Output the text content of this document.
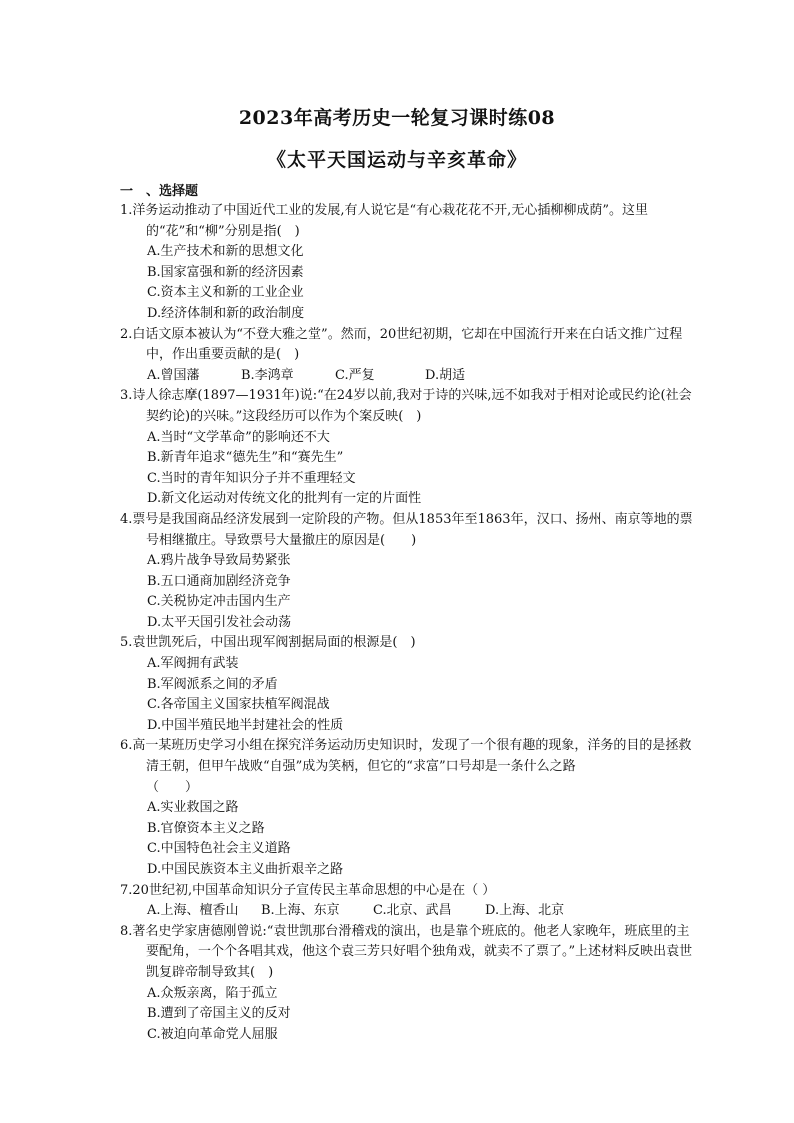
2023年高考历史一轮复习课时练08
《太平天国运动与辛亥革命》
一　、选择题
1.洋务运动推动了中国近代工业的发展,有人说它是“有心栽花花不开,无心插柳柳成荫”。这里的“花”和“柳”分别是指(　)
A.生产技术和新的思想文化
B.国家富强和新的经济因素
C.资本主义和新的工业企业
D.经济体制和新的政治制度
2.白话文原本被认为“不登大雅之堂”。然而，20世纪初期，它却在中国流行开来在白话文推广过程中，作出重要贡献的是(　)
A.曾国藩	B.李鸿章	C.严复	D.胡适
3.诗人徐志摩(1897—1931年)说:“在24岁以前,我对于诗的兴味,远不如我对于相对论或民约论(社会契约论)的兴味。”这段经历可以作为个案反映(　)
A.当时“文学革命”的影响还不大
B.新青年追求“德先生”和“赛先生”
C.当时的青年知识分子并不重理轻文
D.新文化运动对传统文化的批判有一定的片面性
4.票号是我国商品经济发展到一定阶段的产物。但从1853年至1863年，汉口、扬州、南京等地的票号相继撤庄。导致票号大量撤庄的原因是(　　)
A.鸦片战争导致局势紧张
B.五口通商加剧经济竞争
C.关税协定冲击国内生产
D.太平天国引发社会动荡
5.袁世凯死后，中国出现军阀割据局面的根源是(　)
A.军阀拥有武装
B.军阀派系之间的矛盾
C.各帝国主义国家扶植军阀混战
D.中国半殖民地半封建社会的性质
6.高一某班历史学习小组在探究洋务运动历史知识时，发现了一个很有趣的现象，洋务的目的是拯救清王朝，但甲午战败“自强”成为笑柄，但它的“求富”口号却是一条什么之路
（　　）
A.实业救国之路
B.官僚资本主义之路
C.中国特色社会主义道路
D.中国民族资本主义曲折艰辛之路
7.20世纪初,中国革命知识分子宣传民主革命思想的中心是在（ ）
A.上海、檀香山 B.上海、东京	C.北京、武昌	D.上海、北京
8.著名史学家唐德刚曾说:“袁世凯那台滑稽戏的演出，也是靠个班底的。他老人家晚年，班底里的主要配角，一个个各唱其戏，他这个袁三芳只好唱个独角戏，就卖不了票了。”上述材料反映出袁世凯复辟帝制导致其(　)
A.众叛亲离，陷于孤立
B.遭到了帝国主义的反对
C.被迫向革命党人屈服
